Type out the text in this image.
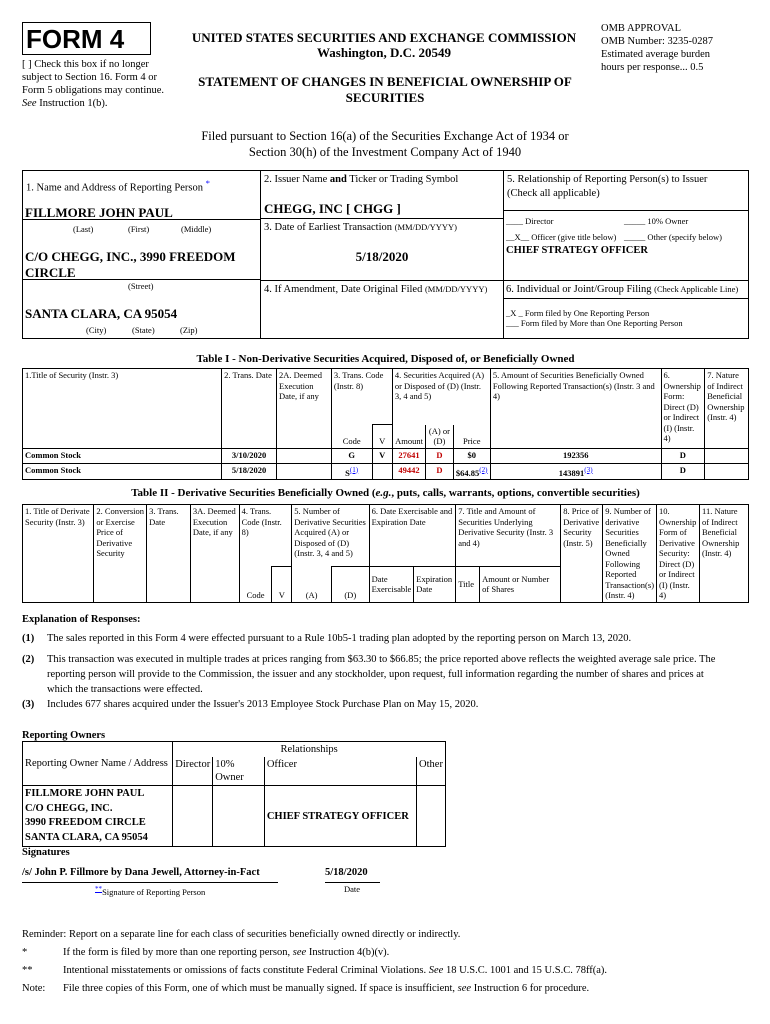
FORM 4
[ ] Check this box if no longer subject to Section 16. Form 4 or Form 5 obligations may continue. See Instruction 1(b).
UNITED STATES SECURITIES AND EXCHANGE COMMISSION
Washington, D.C. 20549
STATEMENT OF CHANGES IN BENEFICIAL OWNERSHIP OF SECURITIES
OMB APPROVAL
OMB Number: 3235-0287
Estimated average burden
hours per response... 0.5
Filed pursuant to Section 16(a) of the Securities Exchange Act of 1934 or
Section 30(h) of the Investment Company Act of 1940
1. Name and Address of Reporting Person *
FILLMORE JOHN PAUL
(Last)	(First)	(Middle)
C/O CHEGG, INC., 3990 FREEDOM CIRCLE
(Street)
SANTA CLARA, CA 95054
(City)	(State)	(Zip)
2. Issuer Name and Ticker or Trading Symbol
CHEGG, INC [ CHGG ]
3. Date of Earliest Transaction (MM/DD/YYYY)
5/18/2020
4. If Amendment, Date Original Filed (MM/DD/YYYY)
5. Relationship of Reporting Person(s) to Issuer
(Check all applicable)
____ Director	_____ 10% Owner
__X__ Officer (give title below) _____ Other (specify below)
CHIEF STRATEGY OFFICER
6. Individual or Joint/Group Filing (Check Applicable Line)
_X _ Form filed by One Reporting Person
___ Form filed by More than One Reporting Person
Table I - Non-Derivative Securities Acquired, Disposed of, or Beneficially Owned
1.Title of Security (Instr. 3)	2. Trans. Date	2A. Deemed Execution Date, if any	3. Trans. Code (Instr. 8)		4. Securities Acquired (A) or Disposed of (D) (Instr. 3, 4 and 5)			5. Amount of Securities Beneficially Owned Following Reported Transaction(s) (Instr. 3 and 4)	6. Ownership Form: Direct (D) or Indirect (I) (Instr. 4)	7. Nature of Indirect Beneficial Ownership (Instr. 4)
			Code	V	Amount	(A) or (D)	Price			
Common Stock	3/10/2020		G	V	27641	D	$0	192356	D	
Common Stock	5/18/2020		$S^{(1)}$		49442	D	$64.85$^{(2)}$	143891$^{(3)}$	D	
Table II - Derivative Securities Beneficially Owned (e.g., puts, calls, warrants, options, convertible securities)
1. Title of Derivate Security (Instr. 3)	2. Conversion or Exercise Price of Derivative Security	3. Trans. Date	3A. Deemed Execution Date, if any	4. Trans. Code (Instr. 8)		5. Number of Derivative Securities Acquired (A) or Disposed of (D) (Instr. 3, 4 and 5)		6. Date Exercisable and Expiration Date		7. Title and Amount of Securities Underlying Derivative Security (Instr. 3 and 4)		8. Price of Derivative Security (Instr. 5)	9. Number of derivative Securities Beneficially Owned Following Reported Transaction(s) (Instr. 4)	10. Ownership Form of Derivative Security: Direct (D) or Indirect (I) (Instr. 4)	11. Nature of Indirect Beneficial Ownership (Instr. 4)
				Code	V	(A)	(D)	Date Exercisable	Expiration Date	Title	Amount or Number of Shares				
Explanation of Responses:
(1) The sales reported in this Form 4 were effected pursuant to a Rule 10b5-1 trading plan adopted by the reporting person on March 13, 2020.
(2) This transaction was executed in multiple trades at prices ranging from $63.30 to $66.85; the price reported above reflects the weighted average sale price. The reporting person will provide to the Commission, the issuer and any stockholder, upon request, full information regarding the number of shares and prices at which the transactions were effected.
(3) Includes 677 shares acquired under the Issuer's 2013 Employee Stock Purchase Plan on May 15, 2020.
Reporting Owners
Reporting Owner Name / Address	Relationships			
	Director	10% Owner	Officer	Other

FILLMORE JOHN PAUL
C/O CHEGG, INC.
3990 FREEDOM CIRCLE
SANTA CLARA, CA 95054			CHIEF STRATEGY OFFICER	
Signatures
/s/ John P. Fillmore by Dana Jewell, Attorney-in-Fact	5/18/2020
**Signature of Reporting Person	Date
Reminder: Report on a separate line for each class of securities beneficially owned directly or indirectly.
*	If the form is filed by more than one reporting person, see Instruction 4(b)(v).
**	Intentional misstatements or omissions of facts constitute Federal Criminal Violations. See 18 U.S.C. 1001 and 15 U.S.C. 78ff(a).
Note: File three copies of this Form, one of which must be manually signed. If space is insufficient, see Instruction 6 for procedure.
